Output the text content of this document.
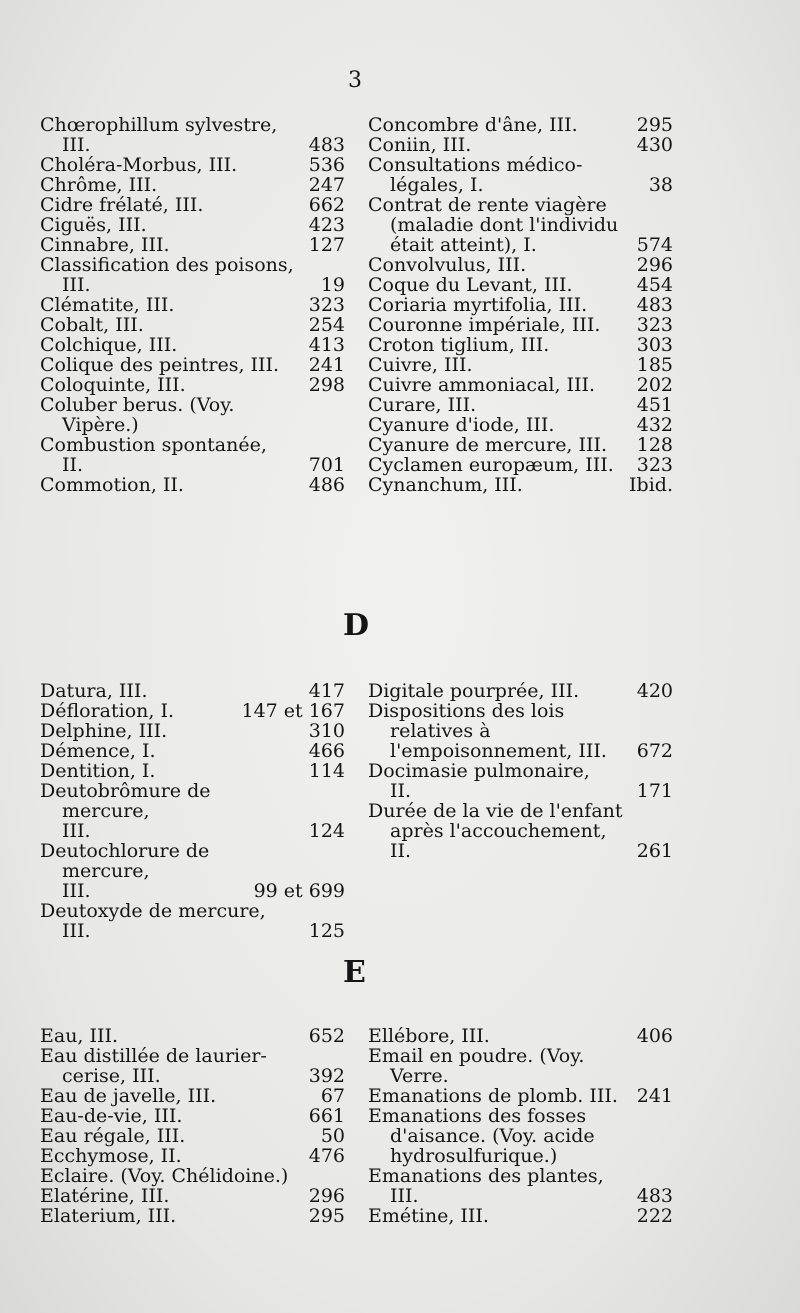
3
Chœrophillum sylvestre,
III.	483
Choléra-Morbus, III.	536
Chrôme, III.	247
Cidre frélaté, III.	662
Ciguës, III.	423
Cinnabre, III.	127
Classification des poisons,
III.	19
Clématite, III.	323
Cobalt, III.	254
Colchique, III.	413
Colique des peintres, III.	241
Coloquinte, III.	298
Coluber berus. (Voy. Vipère.)
Combustion spontanée,
II.	701
Commotion, II.	486
Concombre d'âne, III.	295
Coniin, III.	430
Consultations médico-légales, I.	38
Contrat de rente viagère (maladie dont l'individu était atteint), I.	574
Convolvulus, III.	296
Coque du Levant, III.	454
Coriaria myrtifolia, III.	483
Couronne impériale, III.	323
Croton tiglium, III.	303
Cuivre, III.	185
Cuivre ammoniacal, III.	202
Curare, III.	451
Cyanure d'iode, III.	432
Cyanure de mercure, III.	128
Cyclamen europæum, III.	323
Cynanchum, III.	Ibid.
D
Datura, III.	417
Défloration, I.	147 et 167
Delphine, III.	310
Démence, I.	466
Dentition, I.	114
Deutobrômure de mercure,
III.	124
Deutochlorure de mercure,
III.	99 et 699
Deutoxyde de mercure, III.	125
Digitale pourprée, III.	420
Dispositions des lois relatives à l'empoisonnement, III.	672
Docimasie pulmonaire,
II.	171
Durée de la vie de l'enfant après l'accouchement,
II.	261
E
Eau, III.	652
Eau distillée de laurier-cerise, III.	392
Eau de javelle, III.	67
Eau-de-vie, III.	661
Eau régale, III.	50
Ecchymose, II.	476
Eclaire. (Voy. Chélidoine.)
Elatérine, III.	296
Elaterium, III.	295
Ellébore, III.	406
Email en poudre. (Voy. Verre.
Emanations de plomb. III. 241
Emanations des fosses d'aisance. (Voy. acide hydrosulfurique.)
Emanations des plantes,
III.	483
Emétine, III.	222
